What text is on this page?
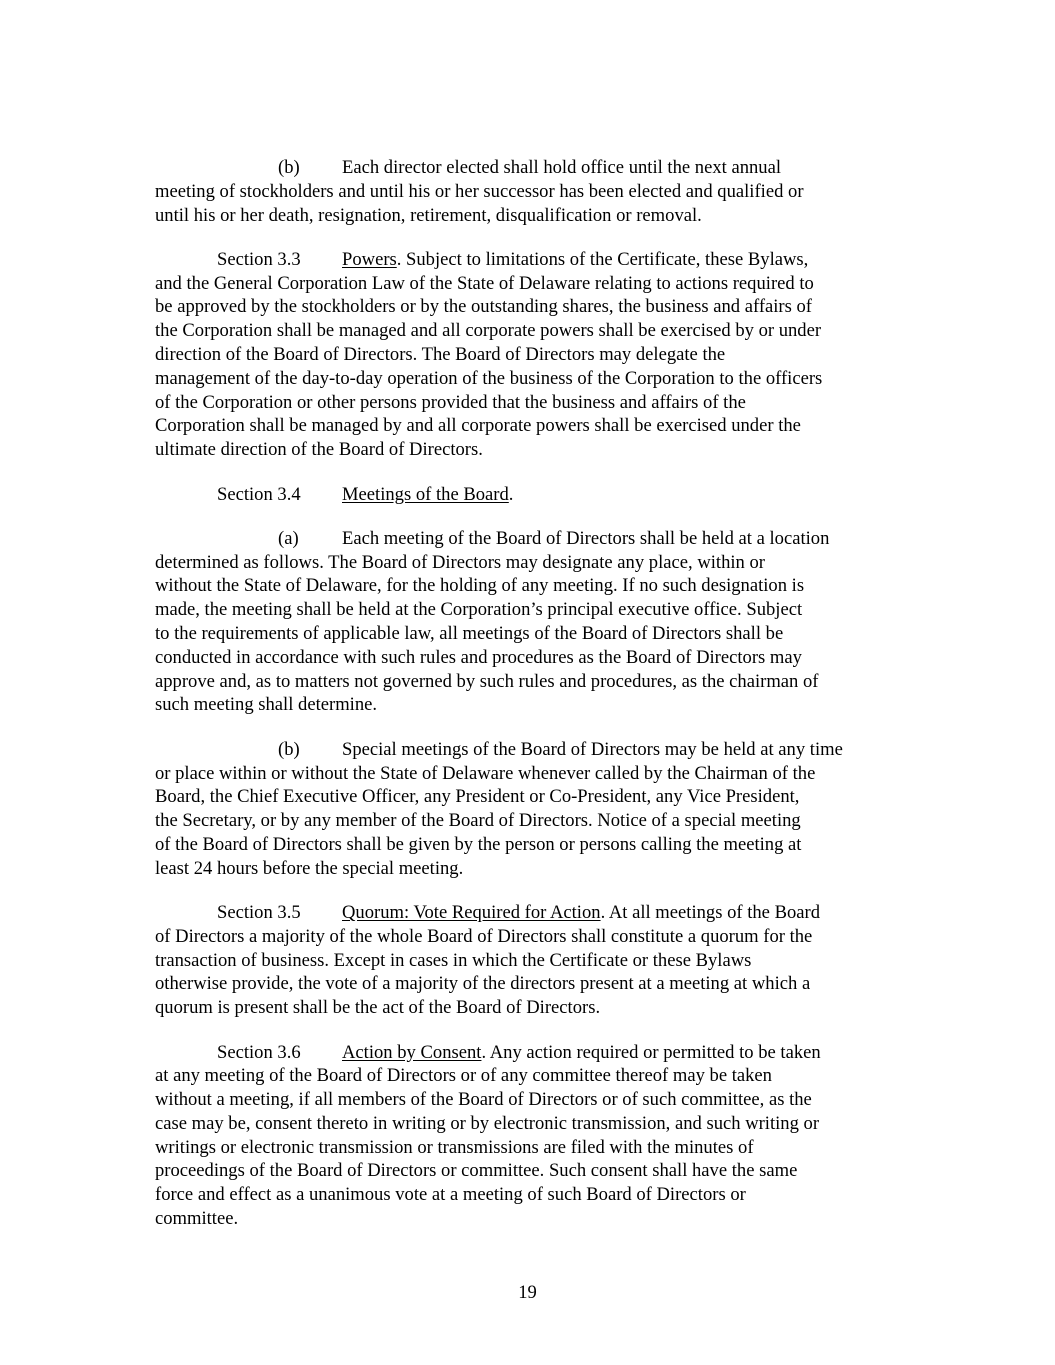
(b) Each director elected shall hold office until the next annual
meeting of stockholders and until his or her successor has been elected and qualified or
until his or her death, resignation, retirement, disqualification or removal.

Section 3.3 Powers. Subject to limitations of the Certificate, these Bylaws,
and the General Corporation Law of the State of Delaware relating to actions required to
be approved by the stockholders or by the outstanding shares, the business and affairs of
the Corporation shall be managed and all corporate powers shall be exercised by or under
direction of the Board of Directors. The Board of Directors may delegate the
management of the day-to-day operation of the business of the Corporation to the officers
of the Corporation or other persons provided that the business and affairs of the
Corporation shall be managed by and all corporate powers shall be exercised under the
ultimate direction of the Board of Directors.

Section 3.4 Meetings of the Board.

(a) Each meeting of the Board of Directors shall be held at a location
determined as follows. The Board of Directors may designate any place, within or
without the State of Delaware, for the holding of any meeting. If no such designation is
made, the meeting shall be held at the Corporation’s principal executive office. Subject
to the requirements of applicable law, all meetings of the Board of Directors shall be
conducted in accordance with such rules and procedures as the Board of Directors may
approve and, as to matters not governed by such rules and procedures, as the chairman of
such meeting shall determine.

(b) Special meetings of the Board of Directors may be held at any time
or place within or without the State of Delaware whenever called by the Chairman of the
Board, the Chief Executive Officer, any President or Co-President, any Vice President,
the Secretary, or by any member of the Board of Directors. Notice of a special meeting
of the Board of Directors shall be given by the person or persons calling the meeting at
least 24 hours before the special meeting.

Section 3.5 Quorum: Vote Required for Action. At all meetings of the Board
of Directors a majority of the whole Board of Directors shall constitute a quorum for the
transaction of business. Except in cases in which the Certificate or these Bylaws
otherwise provide, the vote of a majority of the directors present at a meeting at which a
quorum is present shall be the act of the Board of Directors.

Section 3.6 Action by Consent. Any action required or permitted to be taken
at any meeting of the Board of Directors or of any committee thereof may be taken
without a meeting, if all members of the Board of Directors or of such committee, as the
case may be, consent thereto in writing or by electronic transmission, and such writing or
writings or electronic transmission or transmissions are filed with the minutes of
proceedings of the Board of Directors or committee. Such consent shall have the same
force and effect as a unanimous vote at a meeting of such Board of Directors or
committee.

19
